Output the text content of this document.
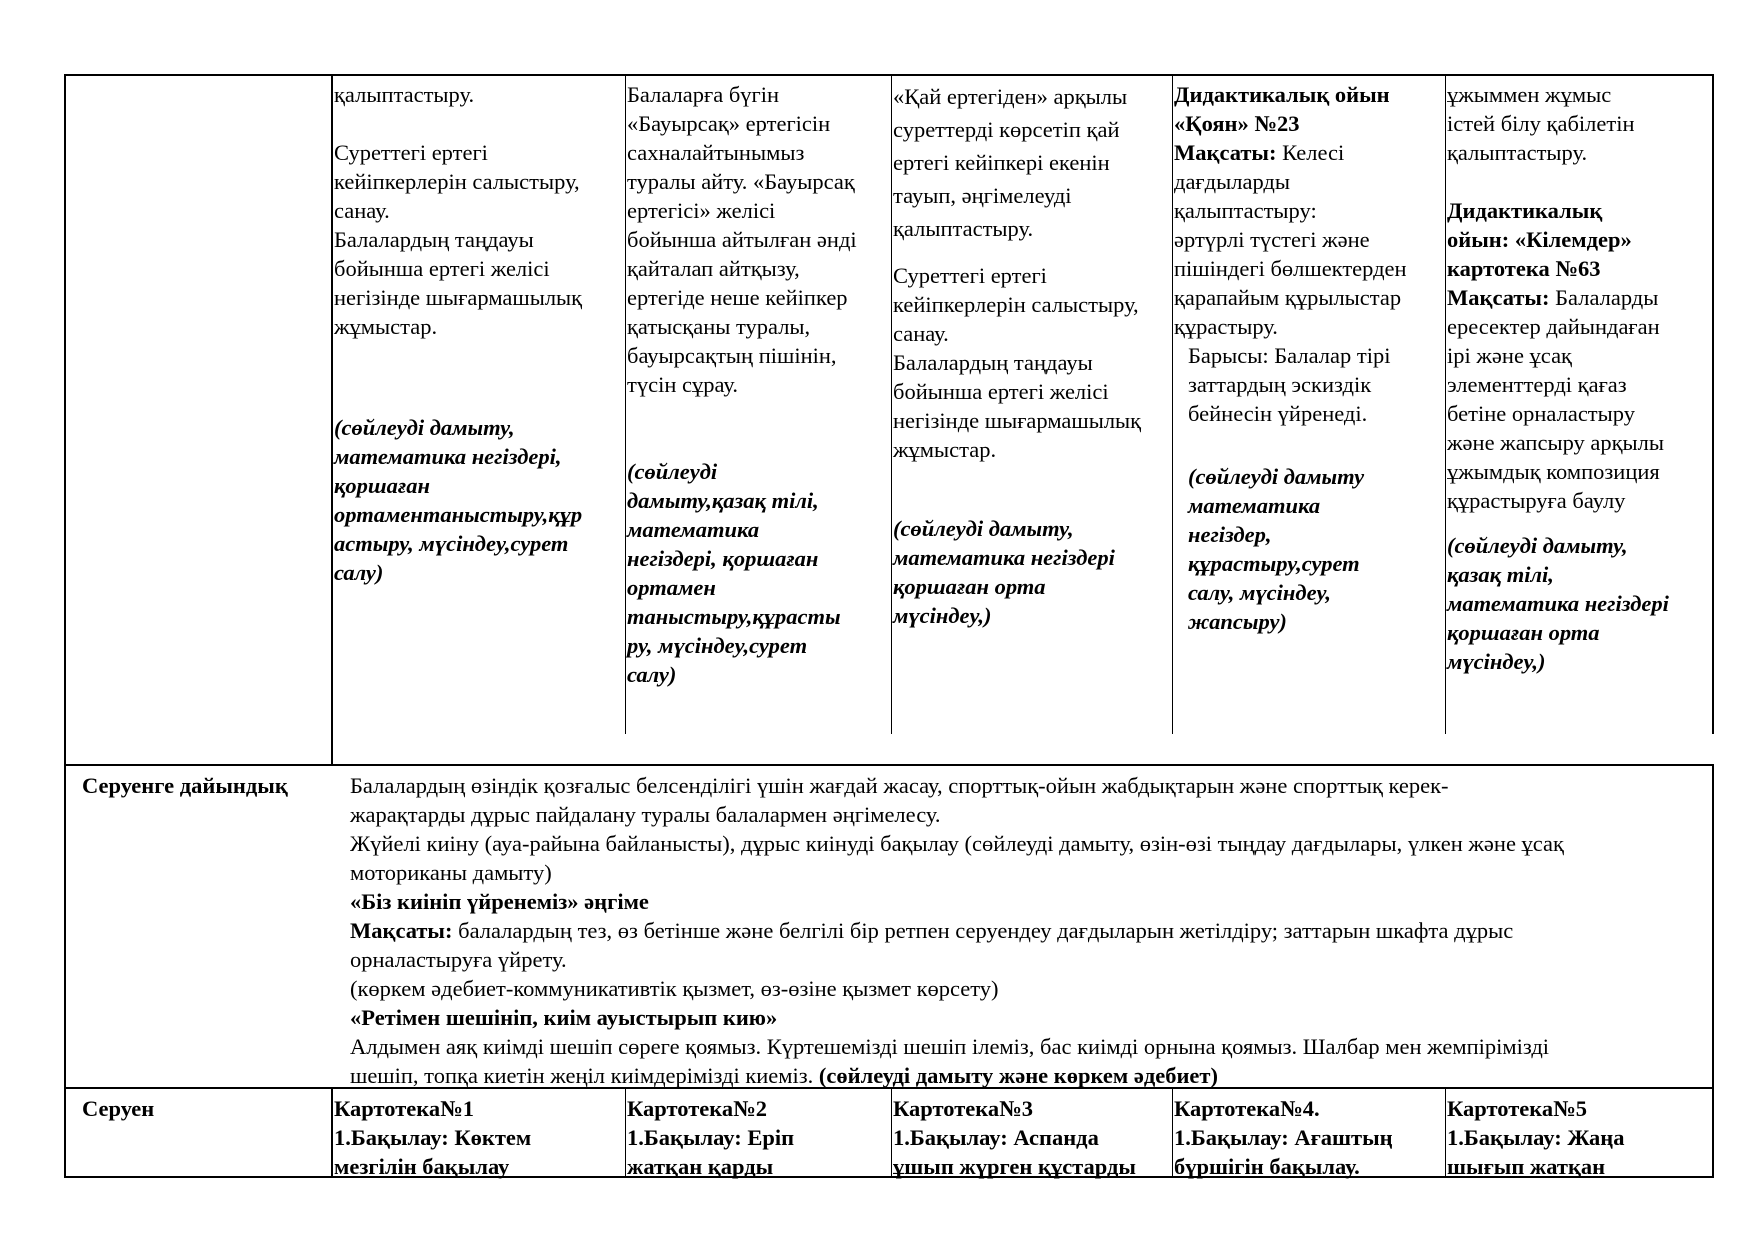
қалыптастыру.

Суреттегі ертегі

кейіпкерлерін салыстыру,

санау.

Балалардың таңдауы

бойынша ертегі желісі

негізінде шығармашылық

жұмыстар.

(сөйлеуді дамыту,

математика негіздері,

қоршаған

ортаментаныстыру,құр

астыру, мүсіндеу,сурет

салу)

Балаларға бүгін

«Бауырсақ» ертегісін

сахналайтынымыз

туралы айту. «Бауырсақ

ертегісі» желісі

бойынша айтылған әнді

қайталап айтқызу,

ертегіде неше кейіпкер

қатысқаны туралы,

бауырсақтың пішінін,

түсін сұрау.

(сөйлеуді

дамыту,қазақ тілі,

математика

негіздері, қоршаған

ортамен

таныстыру,құрасты

ру, мүсіндеу,сурет

салу)

«Қай ертегіден» арқылы

суреттерді көрсетіп қай

ертегі кейіпкері екенін

тауып, әңгімелеуді

қалыптастыру.

Суреттегі ертегі

кейіпкерлерін салыстыру,

санау.

Балалардың таңдауы

бойынша ертегі желісі

негізінде шығармашылық

жұмыстар.

(сөйлеуді дамыту,

математика негіздері

қоршаған орта

мүсіндеу,)

Дидактикалық ойын

«Қоян» №23

Мақсаты: Келесі

дағдыларды

қалыптастыру:

әртүрлі түстегі және

пішіндегі бөлшектерден

қарапайым құрылыстар

құрастыру.

Барысы: Балалар тірі

заттардың эскиздік

бейнесін үйренеді.

(сөйлеуді дамыту

математика

негіздер,

құрастыру,сурет

салу, мүсіндеу,

жапсыру)

ұжыммен жұмыс

істей білу қабілетін

қалыптастыру.

Дидактикалық

ойын: «Кілемдер»

картотека №63

Мақсаты: Балаларды

ересектер дайындаған

ірі және ұсақ

элементтерді қағаз

бетіне орналастыру

және жапсыру арқылы

ұжымдық композиция

құрастыруға баулу

(сөйлеуді дамыту,

қазақ тілі,

математика негіздері

қоршаған орта

мүсіндеу,)

Серуенге дайындық	Балалардың өзіндік қозғалыс белсенділігі үшін жағдай жасау, спорттық-ойын жабдықтарын және спорттық керек-

жарақтарды дұрыс пайдалану туралы балалармен әңгімелесу.

Жүйелі киіну (ауа-райына байланысты), дұрыс киінуді бақылау (сөйлеуді дамыту, өзін-өзі тыңдау дағдылары, үлкен және ұсақ

моториканы дамыту)

«Біз киініп үйренеміз» әңгіме

Мақсаты: балалардың тез, өз бетінше және белгілі бір ретпен серуендеу дағдыларын жетілдіру; заттарын шкафта дұрыс

орналастыруға үйрету.

(көркем әдебиет-коммуникативтік қызмет, өз-өзіне қызмет көрсету)

«Ретімен шешініп, киім ауыстырып кию»

Алдымен аяқ киімді шешіп сөреге қоямыз. Күртешемізді шешіп ілеміз, бас киімді орнына қоямыз. Шалбар мен жемпірімізді

шешіп, топқа киетін жеңіл киімдерімізді киеміз. (сөйлеуді дамыту және көркем әдебиет)

Серуен	Картотека№1

1.Бақылау: Көктем

мезгілін бақылау

Картотека№2

1.Бақылау: Еріп

жатқан қарды

Картотека№3

1.Бақылау: Аспанда

ұшып жүрген құстарды

Картотека№4.

1.Бақылау: Ағаштың

бүршігін бақылау.

Картотека№5

1.Бақылау: Жаңа

шығып жатқан
